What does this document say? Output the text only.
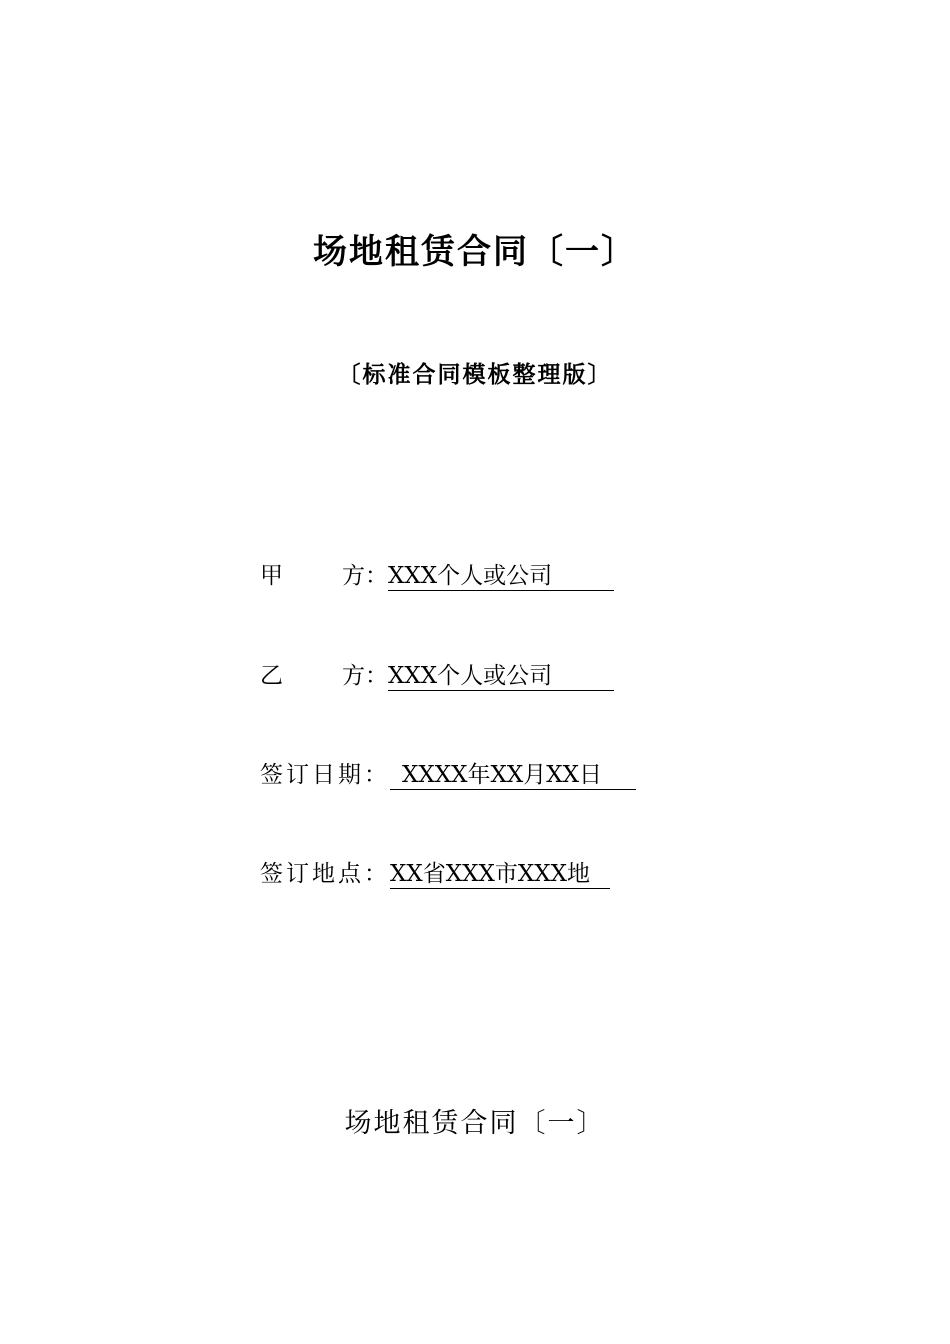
场地租赁合同〔一〕
〔标准合同模板整理版〕
甲	方： XXX个人或公司
乙	方： XXX个人或公司
签订日期： XXXX年XX月XX日
签订地点： XX省XXX市XXX地
场地租赁合同〔一〕
